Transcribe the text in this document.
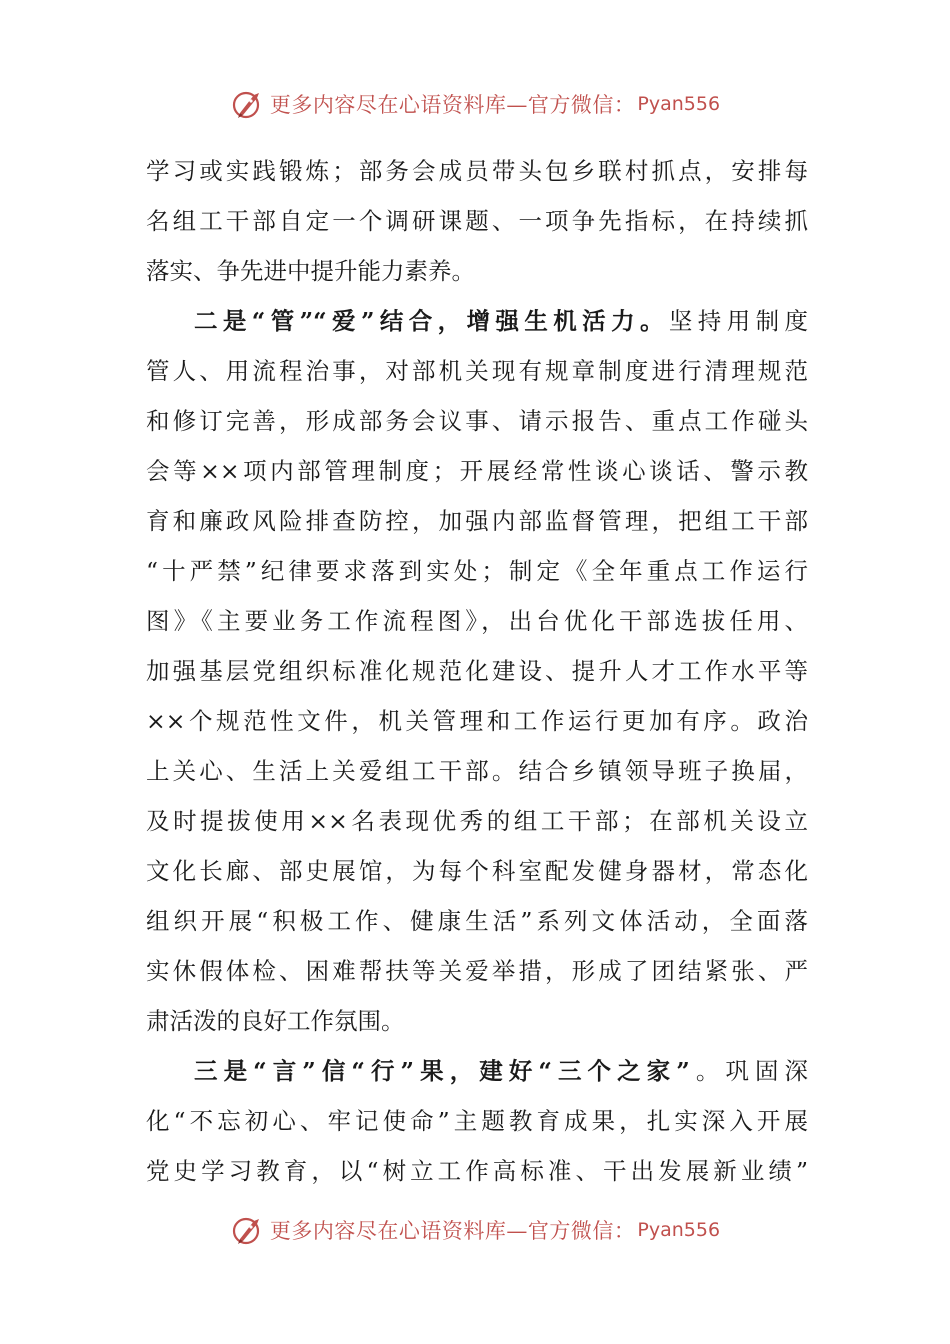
更多内容尽在心语资料库—官方微信： Pyan556
学习或实践锻炼；部务会成员带头包乡联村抓点，安排每
名组工干部自定一个调研课题、一项争先指标，在持续抓
落实、争先进中提升能力素养。
二是“管”“爱”结合，增强生机活力。坚持用制度
管人、用流程治事，对部机关现有规章制度进行清理规范
和修订完善，形成部务会议事、请示报告、重点工作碰头
会等××项内部管理制度；开展经常性谈心谈话、警示教
育和廉政风险排查防控，加强内部监督管理，把组工干部
“十严禁”纪律要求落到实处；制定《全年重点工作运行
图》《主要业务工作流程图》，出台优化干部选拔任用、
加强基层党组织标准化规范化建设、提升人才工作水平等
××个规范性文件，机关管理和工作运行更加有序。政治
上关心、生活上关爱组工干部。结合乡镇领导班子换届，
及时提拔使用××名表现优秀的组工干部；在部机关设立
文化长廊、部史展馆，为每个科室配发健身器材，常态化
组织开展“积极工作、健康生活”系列文体活动，全面落
实休假体检、困难帮扶等关爱举措，形成了团结紧张、严
肃活泼的良好工作氛围。
三是“言”信“行”果，建好“三个之家”。巩固深
化“不忘初心、牢记使命”主题教育成果，扎实深入开展
党史学习教育，以“树立工作高标准、干出发展新业绩”
更多内容尽在心语资料库—官方微信： Pyan556
